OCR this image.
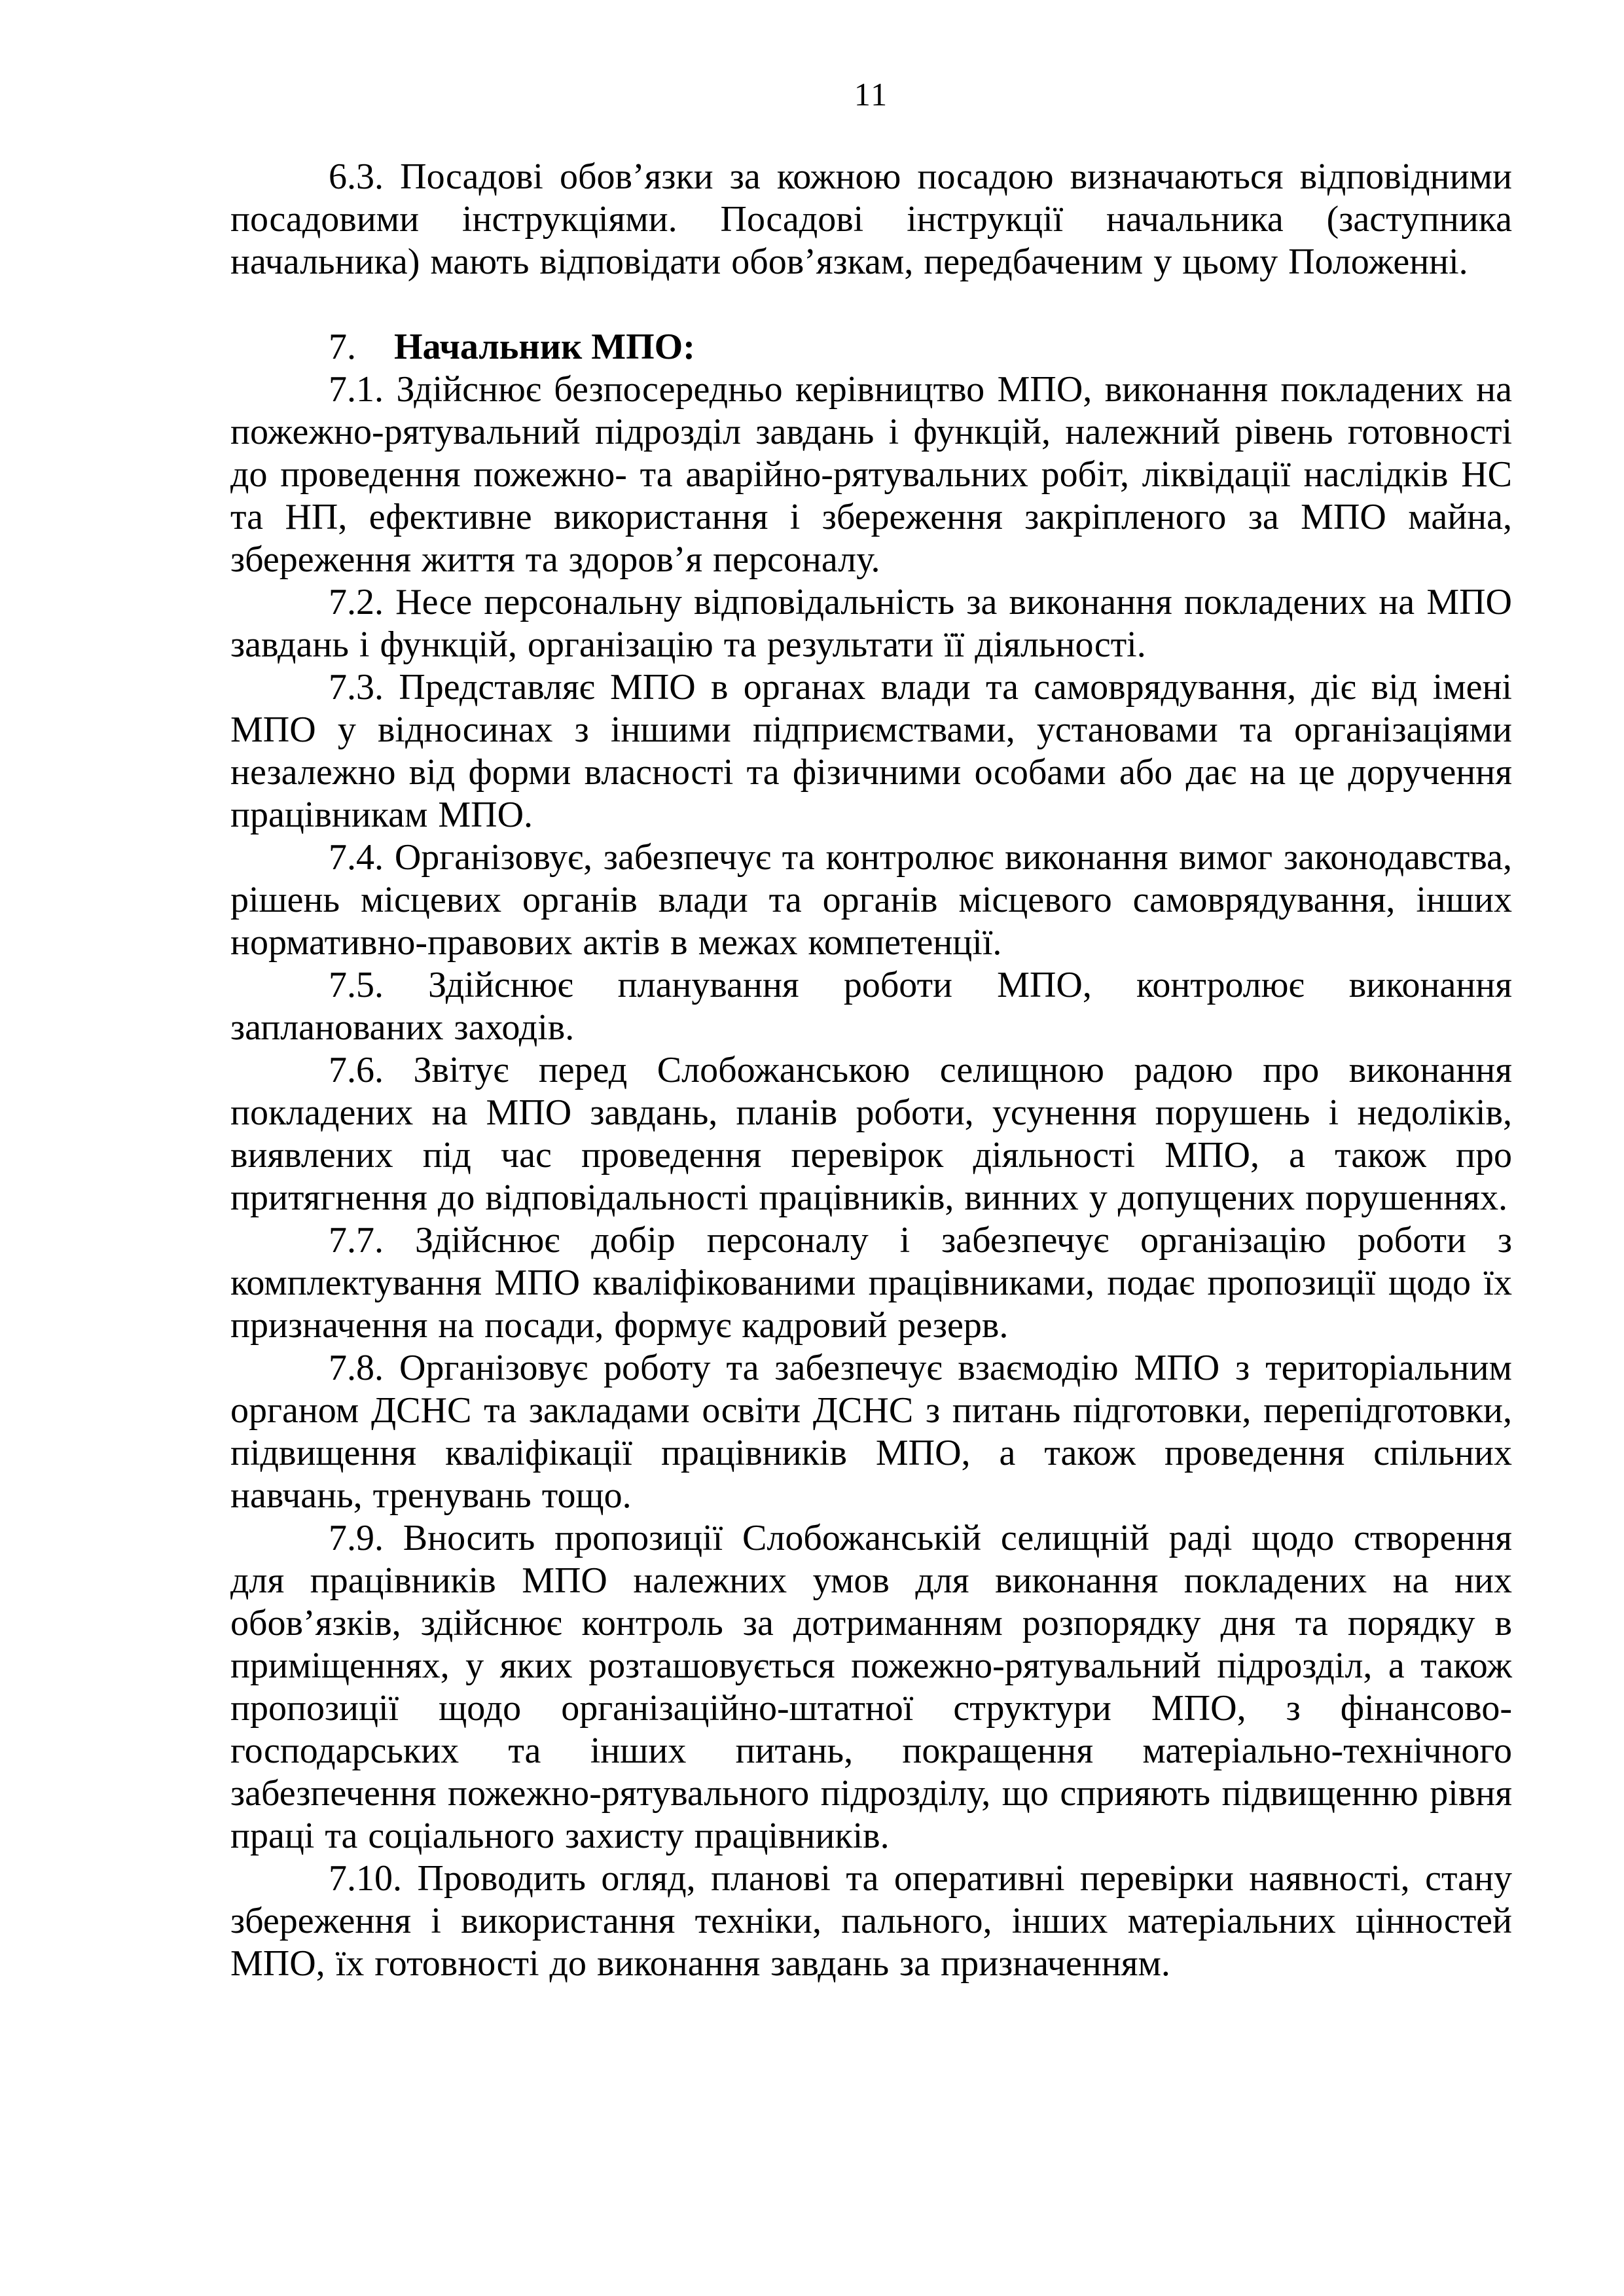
11

6.3. Посадові обов’язки за кожною посадою визначаються відповідними посадовими інструкціями. Посадові інструкції начальника (заступника начальника) мають відповідати обов’язкам, передбаченим у цьому Положенні.

7. Начальник МПО:

7.1. Здійснює безпосередньо керівництво МПО, виконання покладених на пожежно-рятувальний підрозділ завдань і функцій, належний рівень готовності до проведення пожежно- та аварійно-рятувальних робіт, ліквідації наслідків НС та НП, ефективне використання і збереження закріпленого за МПО майна, збереження життя та здоров’я персоналу.

7.2. Несе персональну відповідальність за виконання покладених на МПО завдань і функцій, організацію та результати її діяльності.

7.3. Представляє МПО в органах влади та самоврядування, діє від імені МПО у відносинах з іншими підприємствами, установами та організаціями незалежно від форми власності та фізичними особами або дає на це доручення працівникам МПО.

7.4. Організовує, забезпечує та контролює виконання вимог законодавства, рішень місцевих органів влади та органів місцевого самоврядування, інших нормативно-правових актів в межах компетенції.

7.5. Здійснює планування роботи МПО, контролює виконання запланованих заходів.

7.6. Звітує перед Слобожанською селищною радою про виконання покладених на МПО завдань, планів роботи, усунення порушень і недоліків, виявлених під час проведення перевірок діяльності МПО, а також про притягнення до відповідальності працівників, винних у допущених порушеннях.

7.7. Здійснює добір персоналу і забезпечує організацію роботи з комплектування МПО кваліфікованими працівниками, подає пропозиції щодо їх призначення на посади, формує кадровий резерв.

7.8. Організовує роботу та забезпечує взаємодію МПО з територіальним органом ДСНС та закладами освіти ДСНС з питань підготовки, перепідготовки, підвищення кваліфікації працівників МПО, а також проведення спільних навчань, тренувань тощо.

7.9. Вносить пропозиції Слобожанській селищній раді щодо створення для працівників МПО належних умов для виконання покладених на них обов’язків, здійснює контроль за дотриманням розпорядку дня та порядку в приміщеннях, у яких розташовується пожежно-рятувальний підрозділ, а також пропозиції щодо організаційно-штатної структури МПО, з фінансово-господарських та інших питань, покращення матеріально-технічного забезпечення пожежно-рятувального підрозділу, що сприяють підвищенню рівня праці та соціального захисту працівників.

7.10. Проводить огляд, планові та оперативні перевірки наявності, стану збереження і використання техніки, пального, інших матеріальних цінностей МПО, їх готовності до виконання завдань за призначенням.
